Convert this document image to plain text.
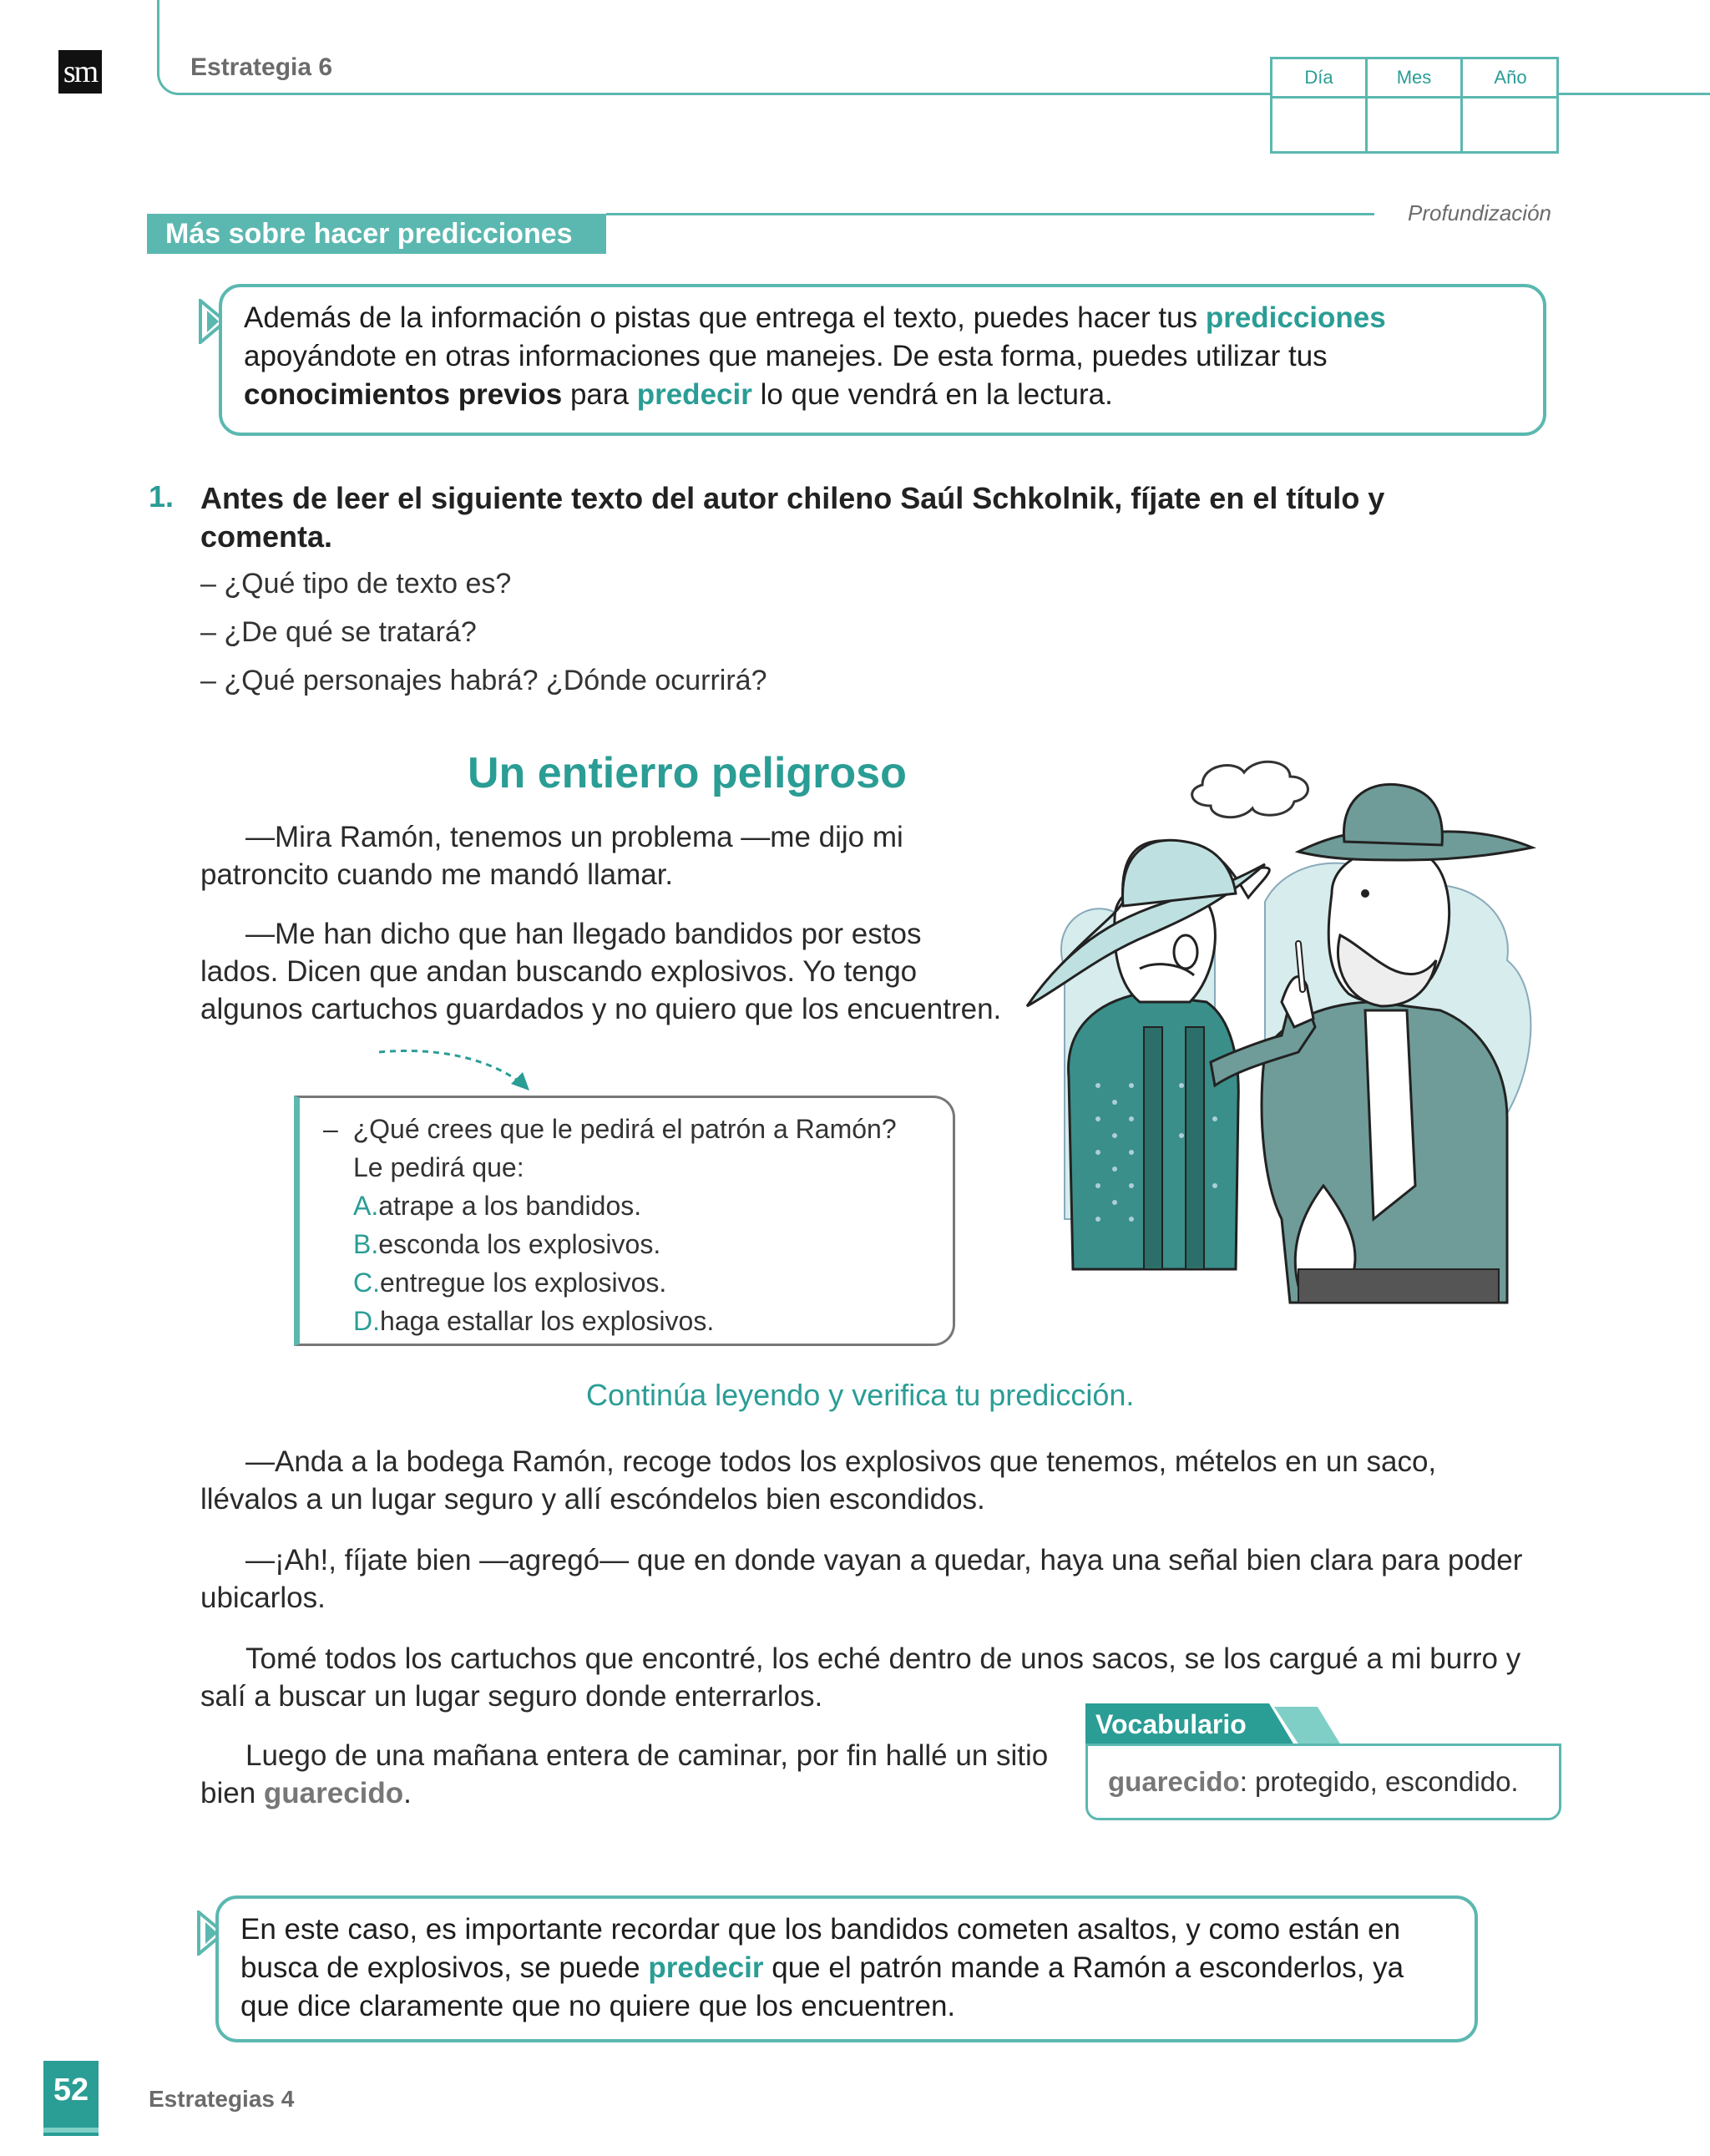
sm	Estrategia 6	Día	Mes	Año
Más sobre hacer predicciones
Profundización
Además de la información o pistas que entrega el texto, puedes hacer tus predicciones apoyándote en otras informaciones que manejes. De esta forma, puedes utilizar tus conocimientos previos para predecir lo que vendrá en la lectura.
1. Antes de leer el siguiente texto del autor chileno Saúl Schkolnik, fíjate en el título y comenta.
– ¿Qué tipo de texto es?
– ¿De qué se tratará?
– ¿Qué personajes habrá? ¿Dónde ocurrirá?
Un entierro peligroso
—Mira Ramón, tenemos un problema —me dijo mi patroncito cuando me mandó llamar.
—Me han dicho que han llegado bandidos por estos lados. Dicen que andan buscando explosivos. Yo tengo algunos cartuchos guardados y no quiero que los encuentren.
– ¿Qué crees que le pedirá el patrón a Ramón?
Le pedirá que:
A.atrape a los bandidos.
B.esconda los explosivos.
C.entregue los explosivos.
D.haga estallar los explosivos.
Continúa leyendo y verifica tu predicción.
—Anda a la bodega Ramón, recoge todos los explosivos que tenemos, mételos en un saco, llévalos a un lugar seguro y allí escóndelos bien escondidos.
—¡Ah!, fíjate bien —agregó— que en donde vayan a quedar, haya una señal bien clara para poder ubicarlos.
Tomé todos los cartuchos que encontré, los eché dentro de unos sacos, se los cargué a mi burro y salí a buscar un lugar seguro donde enterrarlos.
Luego de una mañana entera de caminar, por fin hallé un sitio bien guarecido.
Vocabulario
guarecido: protegido, escondido.
En este caso, es importante recordar que los bandidos cometen asaltos, y como están en busca de explosivos, se puede predecir que el patrón mande a Ramón a esconderlos, ya que dice claramente que no quiere que los encuentren.
52	Estrategias 4
